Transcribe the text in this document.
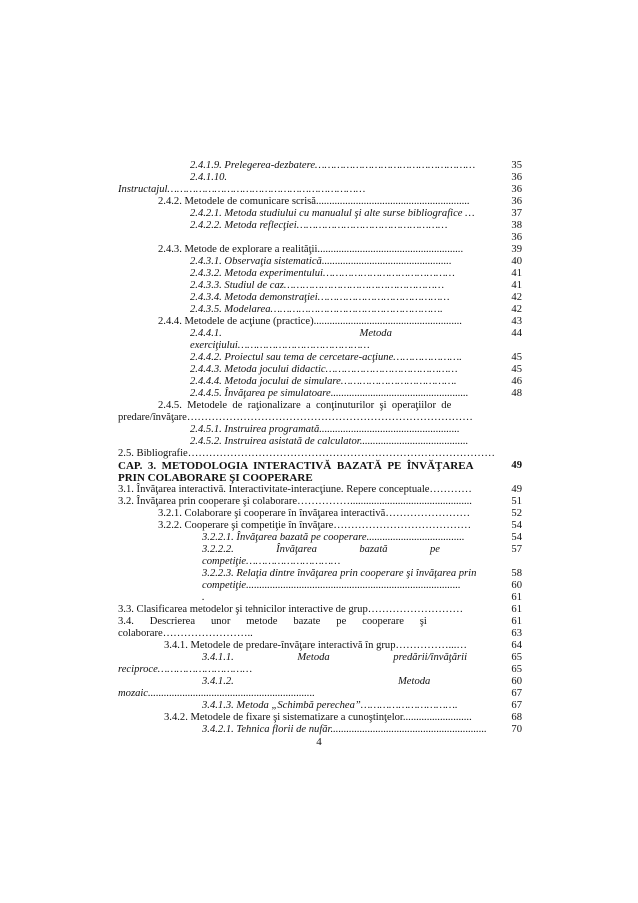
2.4.1.9. Prelegerea-dezbatere……………………………………………
2.4.1.10.
Instructajul………………………………………………………
2.4.2. Metodele de comunicare scrisă..........................................................
2.4.2.1. Metoda studiului cu manualul şi alte surse bibliografice …
2.4.2.2. Metoda reflecţiei…………………………………………
2.4.3. Metode de explorare a realităţii.......................................................
2.4.3.1. Observaţia sistematică.................................................
2.4.3.2. Metoda experimentului……………………………………
2.4.3.3. Studiul de caz……………………………………………
2.4.3.4. Metoda demonstraţiei……………………………………
2.4.3.5. Modelarea……………………………………………….
2.4.4. Metodele de acţiune (practice)........................................................
2.4.4.1.                                                    Metoda
exerciţiului……………………………………
2.4.4.2. Proiectul sau tema de cercetare-acţiune………………….
2.4.4.3. Metoda jocului didactic……………………………………
2.4.4.4. Metoda jocului de simulare……………………………….
2.4.4.5. Învăţarea pe simulatoare....................................................
2.4.5.  Metodele  de  raţionalizare  a  conţinuturilor  şi  operaţiilor  de
predare/învăţare………………………………………………………………………
2.4.5.1. Instruirea programată.....................................................
2.4.5.2. Instruirea asistată de calculator.........................................
2.5. Bibliografie……………………………………………………………………………
CAP.  3.  METODOLOGIA  INTERACTIVĂ  BAZATĂ  PE  ÎNVĂŢAREA
PRIN COLABORARE ŞI COOPERARE
3.1. Învăţarea interactivă. Interactivitate-interacţiune. Repere conceptuale…………
3.2. Învăţarea prin cooperare şi colaborare……………..............................................
3.2.1. Colaborare şi cooperare în învăţarea interactivă……………………
3.2.2. Cooperare şi competiţie în învăţare…………………………………
3.2.2.1. Învăţarea bazată pe cooperare.....................................
3.2.2.2.                Învăţarea                bazată                pe
competiţie…………………………
3.2.2.3. Relaţia dintre învăţarea prin cooperare şi învăţarea prin
competiţie.................................................................................
.
3.3. Clasificarea metodelor şi tehnicilor interactive de grup………………………
3.4.      Descrierea      unor      metode      bazate      pe      cooperare      şi
colaborare……………………..
3.4.1. Metodele de predare-învăţare interactivă în grup……………...…
3.4.1.1.                        Metoda                        predării/învăţării
reciproce…………………………
3.4.1.2.                                                              Metoda
mozaic...............................................................
3.4.1.3. Metoda „Schimbă perechea”………………………….
3.4.2. Metodele de fixare şi sistematizare a cunoştinţelor..........................
3.4.2.1. Tehnica florii de nufăr...........................................................
35
36
36
36
37
38
36
39
40
41
41
42
42
43
44
45
45
46
48
49
49
51
52
54
54
57
58
60
61
61
61
63
64
65
65
60
67
67
68
70
4
